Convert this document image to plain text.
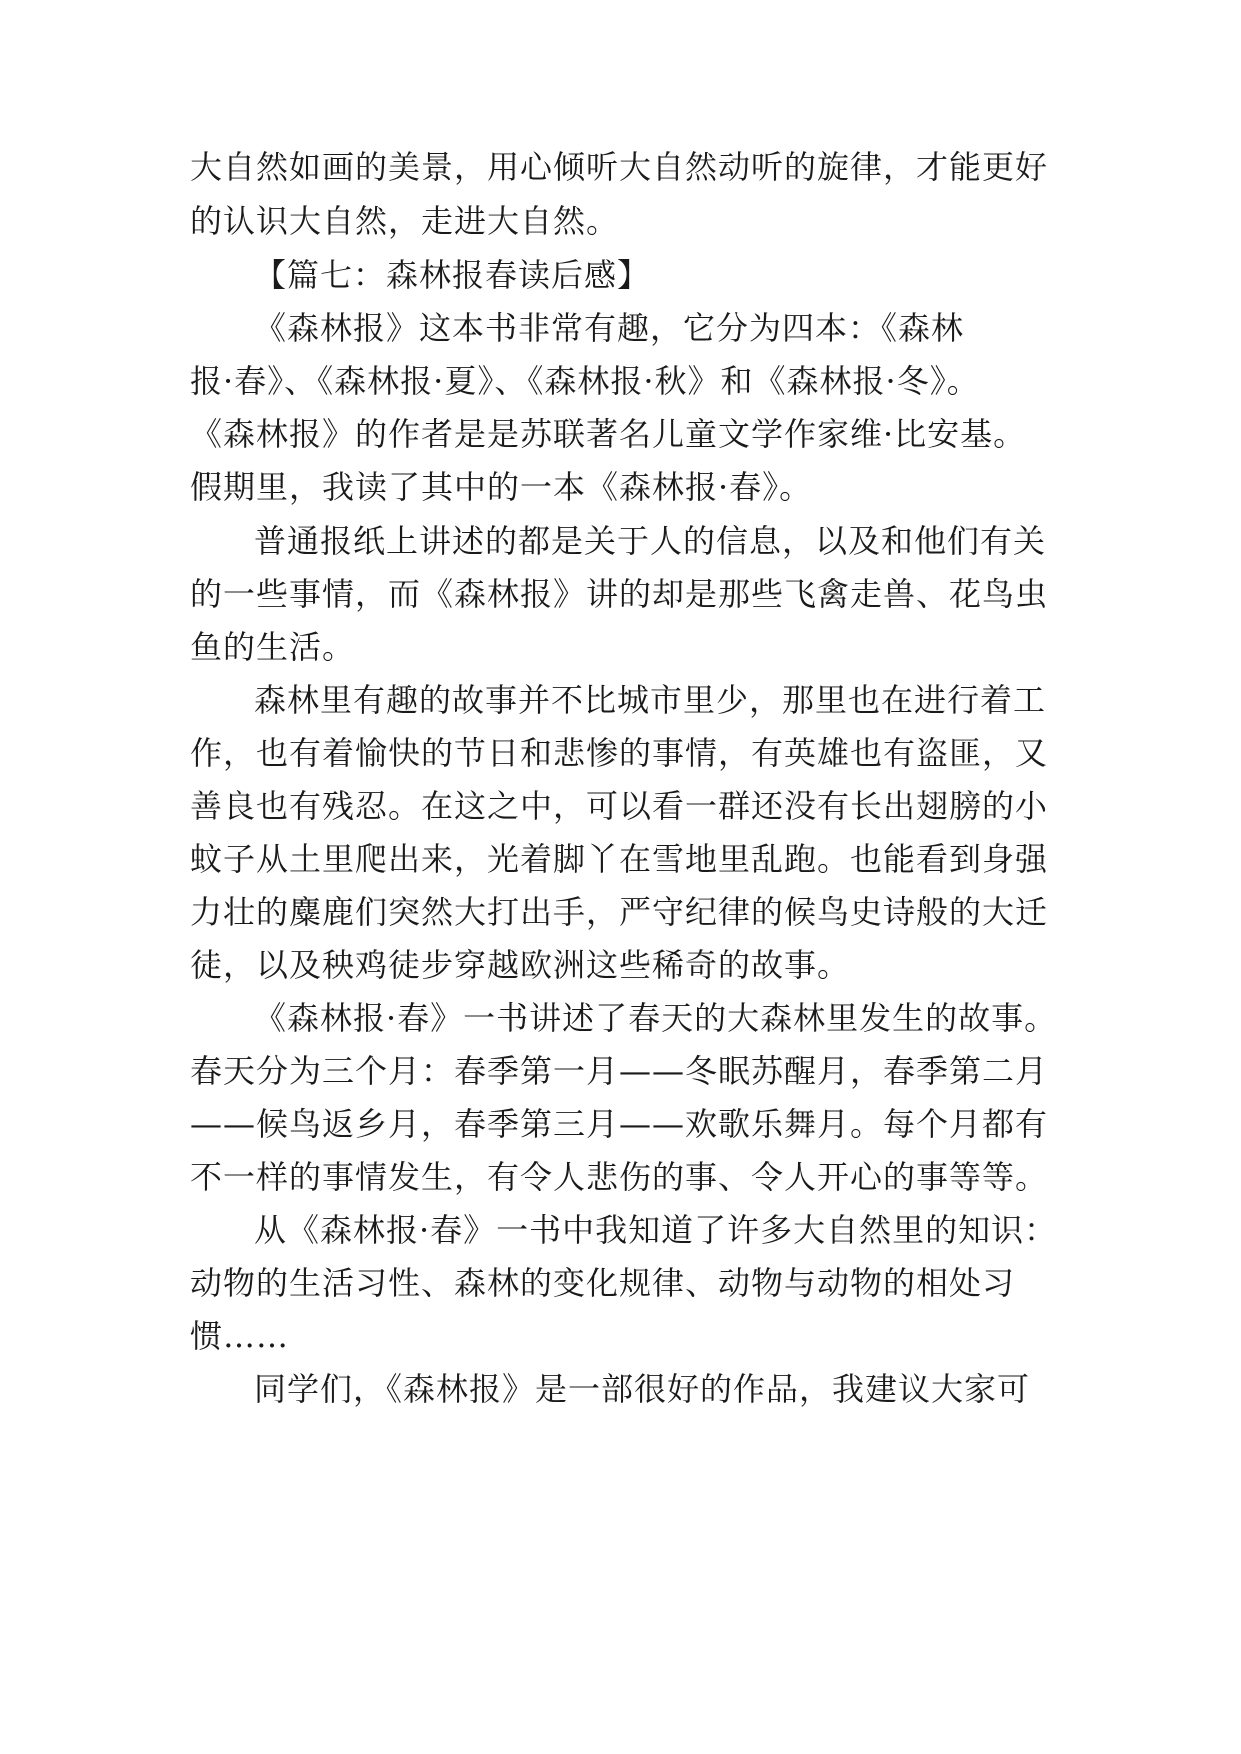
大自然如画的美景，用心倾听大自然动听的旋律，才能更好
的认识大自然，走进大自然。
【篇七：森林报春读后感】
《森林报》这本书非常有趣，它分为四本：《森林
报·春》、《森林报·夏》、《森林报·秋》和《森林报·冬》。
《森林报》的作者是是苏联著名儿童文学作家维·比安基。
假期里，我读了其中的一本《森林报·春》。
普通报纸上讲述的都是关于人的信息，以及和他们有关
的一些事情，而《森林报》讲的却是那些飞禽走兽、花鸟虫
鱼的生活。
森林里有趣的故事并不比城市里少，那里也在进行着工
作，也有着愉快的节日和悲惨的事情，有英雄也有盗匪，又
善良也有残忍。在这之中，可以看一群还没有长出翅膀的小
蚊子从土里爬出来，光着脚丫在雪地里乱跑。也能看到身强
力壮的麋鹿们突然大打出手，严守纪律的候鸟史诗般的大迁
徒，以及秧鸡徒步穿越欧洲这些稀奇的故事。
《森林报·春》一书讲述了春天的大森林里发生的故事。
春天分为三个月：春季第一月——冬眠苏醒月，春季第二月
——候鸟返乡月，春季第三月——欢歌乐舞月。每个月都有
不一样的事情发生，有令人悲伤的事、令人开心的事等等。
从《森林报·春》一书中我知道了许多大自然里的知识：
动物的生活习性、森林的变化规律、动物与动物的相处习
惯……
同学们，《森林报》是一部很好的作品，我建议大家可
